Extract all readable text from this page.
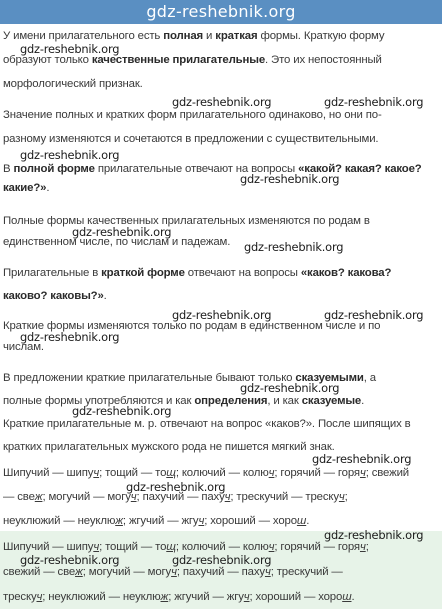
gdz-reshebnik.org
У имени прилагательного есть полная и краткая формы. Краткую форму
образуют только качественные прилагательные. Это их непостоянный
морфологический признак.
Значение полных и кратких форм прилагательного одинаково, но они по-
разному изменяются и сочетаются в предложении с существительными.
В полной форме прилагательные отвечают на вопросы «какой? какая? какое?
какие?».
Полные формы качественных прилагательных изменяются по родам в
единственном числе, по числам и падежам.
Прилагательные в краткой форме отвечают на вопросы «каков? какова?
каково? каковы?».
Краткие формы изменяются только по родам в единственном числе и по
числам.
В предложении краткие прилагательные бывают только сказуемыми, а
полные формы употребляются и как определения, и как сказуемые.
Краткие прилагательные м. р. отвечают на вопрос «каков?». После шипящих в
кратких прилагательных мужского рода не пишется мягкий знак.
Шипучий — шипуч; тощий — тощ; колючий — колюч; горячий — горяч; свежий
— свеж; могучий — могуч; пахучий — пахуч; трескучий — трескуч;
неуклюжий — неуклюж; жгучий — жгуч; хороший — хорош.
Шипучий — шипуч; тощий — тощ; колючий — колюч; горячий — горяч;
свежий — свеж; могучий — могуч; пахучий — пахуч; трескучий —
трескуч; неуклюжий — неуклюж; жгучий — жгуч; хороший — хорош.
gdz-reshebnik.org
gdz-reshebnik.org	gdz-reshebnik.org
gdz-reshebnik.org
gdz-reshebnik.org
gdz-reshebnik.org
gdz-reshebnik.org
gdz-reshebnik.org	gdz-reshebnik.org
gdz-reshebnik.org
gdz-reshebnik.org
gdz-reshebnik.org
gdz-reshebnik.org
gdz-reshebnik.org
gdz-reshebnik.org
gdz-reshebnik.org	gdz-reshebnik.org
